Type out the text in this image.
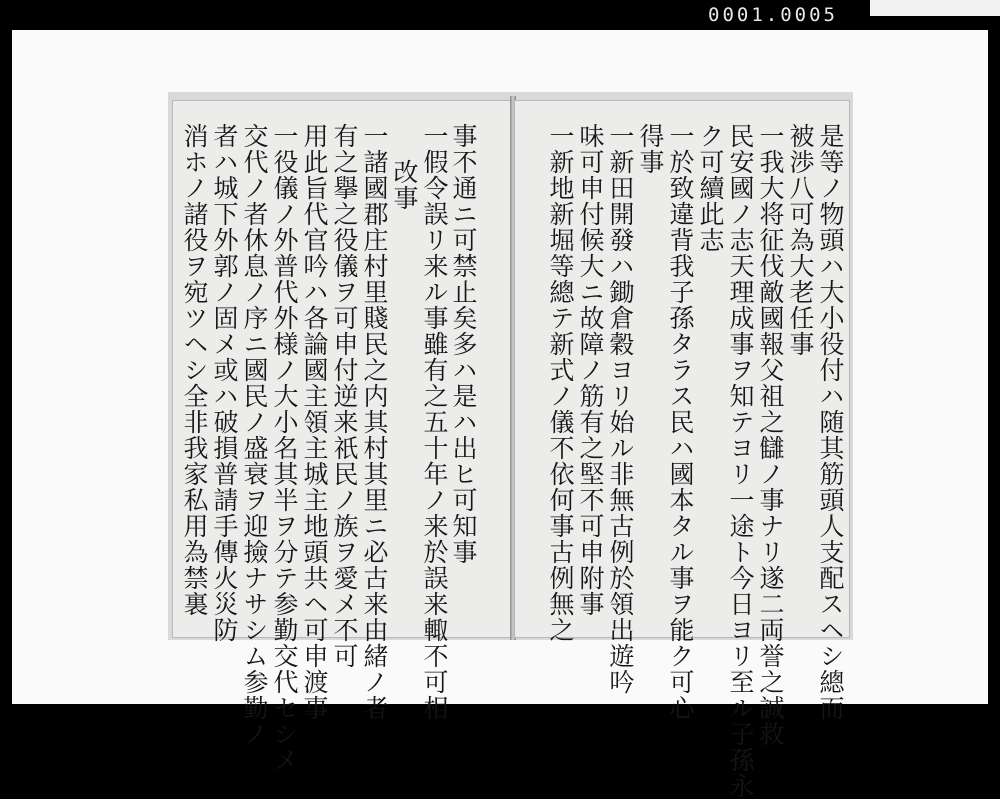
0001.0005
事不通ニ可禁止矣多ハ是ハ出ヒ可知事
一假令誤リ来ル事雖有之五十年ノ来於誤来輙不可相
改事
一諸國郡庄村里賤民之内其村其里ニ必古来由緒ノ者
有之擧之役儀ヲ可申付逆来祇民ノ族ヲ愛メ不可
用此旨代官吟ハ各論國主領主城主地頭共ヘ可申渡事
一役儀ノ外普代外様ノ大小名其半ヲ分テ参勤交代セシメ
交代ノ者休息ノ序ニ國民ノ盛衰ヲ迎撿ナサシム参勤ノ
者ハ城下外郭ノ固メ或ハ破損普請手傳火災防
消ホノ諸役ヲ宛ツヘシ全非我家私用為禁裏	是等ノ物頭ハ大小役付ハ随其筋頭人支配スヘシ總而
被渉八可為大老任事
一我大将征伐敵國報父祖之讎ノ事ナリ遂二両誉之誠救
民安國ノ志天理成事ヲ知テヨリ一途ト今日ヨリ至ル子孫永
ク可續此志
一於致違背我子孫タラス民ハ國本タル事ヲ能ク可心
得事
一新田開發ハ鋤倉穀ヨリ始ル非無古例於領出遊吟
味可申付候大ニ故障ノ筋有之堅不可申附事
一新地新堀等總テ新式ノ儀不依何事古例無之
